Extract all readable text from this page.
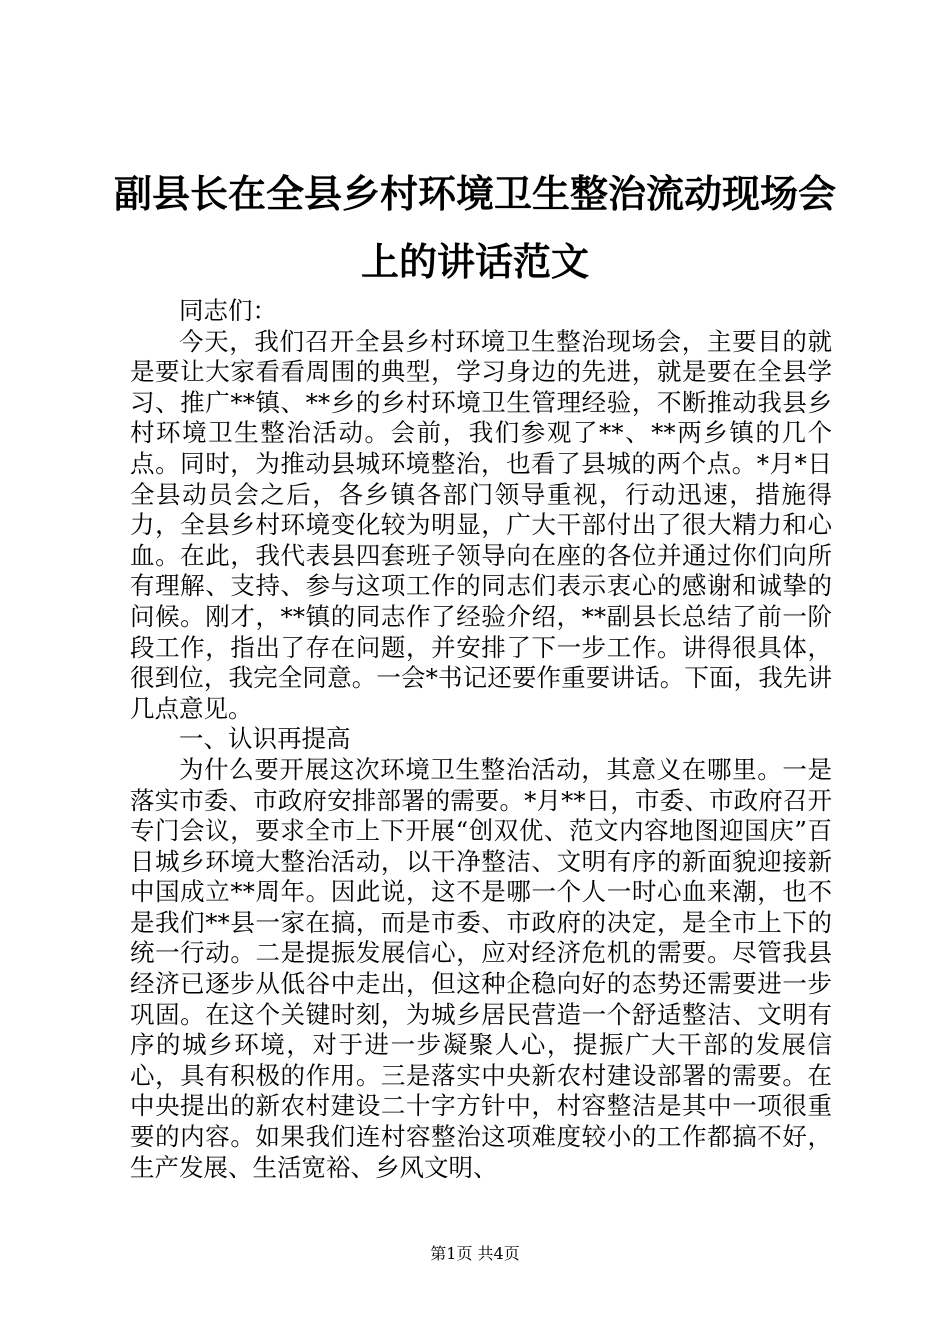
副县长在全县乡村环境卫生整治流动现场会上的讲话范文

同志们：

今天，我们召开全县乡村环境卫生整治现场会，主要目的就是要让大家看看周围的典型，学习身边的先进，就是要在全县学习、推广**镇、**乡的乡村环境卫生管理经验，不断推动我县乡村环境卫生整治活动。会前，我们参观了**、**两乡镇的几个点。同时，为推动县城环境整治，也看了县城的两个点。*月*日全县动员会之后，各乡镇各部门领导重视，行动迅速，措施得力，全县乡村环境变化较为明显，广大干部付出了很大精力和心血。在此，我代表县四套班子领导向在座的各位并通过你们向所有理解、支持、参与这项工作的同志们表示衷心的感谢和诚挚的问候。刚才，**镇的同志作了经验介绍，**副县长总结了前一阶段工作，指出了存在问题，并安排了下一步工作。讲得很具体，很到位，我完全同意。一会*书记还要作重要讲话。下面，我先讲几点意见。

一、认识再提高

为什么要开展这次环境卫生整治活动，其意义在哪里。一是落实市委、市政府安排部署的需要。*月**日，市委、市政府召开专门会议，要求全市上下开展“创双优、范文内容地图迎国庆”百日城乡环境大整治活动，以干净整洁、文明有序的新面貌迎接新中国成立**周年。因此说，这不是哪一个人一时心血来潮，也不是我们**县一家在搞，而是市委、市政府的决定，是全市上下的统一行动。二是提振发展信心，应对经济危机的需要。尽管我县经济已逐步从低谷中走出，但这种企稳向好的态势还需要进一步巩固。在这个关键时刻，为城乡居民营造一个舒适整洁、文明有序的城乡环境，对于进一步凝聚人心，提振广大干部的发展信心，具有积极的作用。三是落实中央新农村建设部署的需要。在中央提出的新农村建设二十字方针中，村容整洁是其中一项很重要的内容。如果我们连村容整治这项难度较小的工作都搞不好，生产发展、生活宽裕、乡风文明、

第1页 共4页
